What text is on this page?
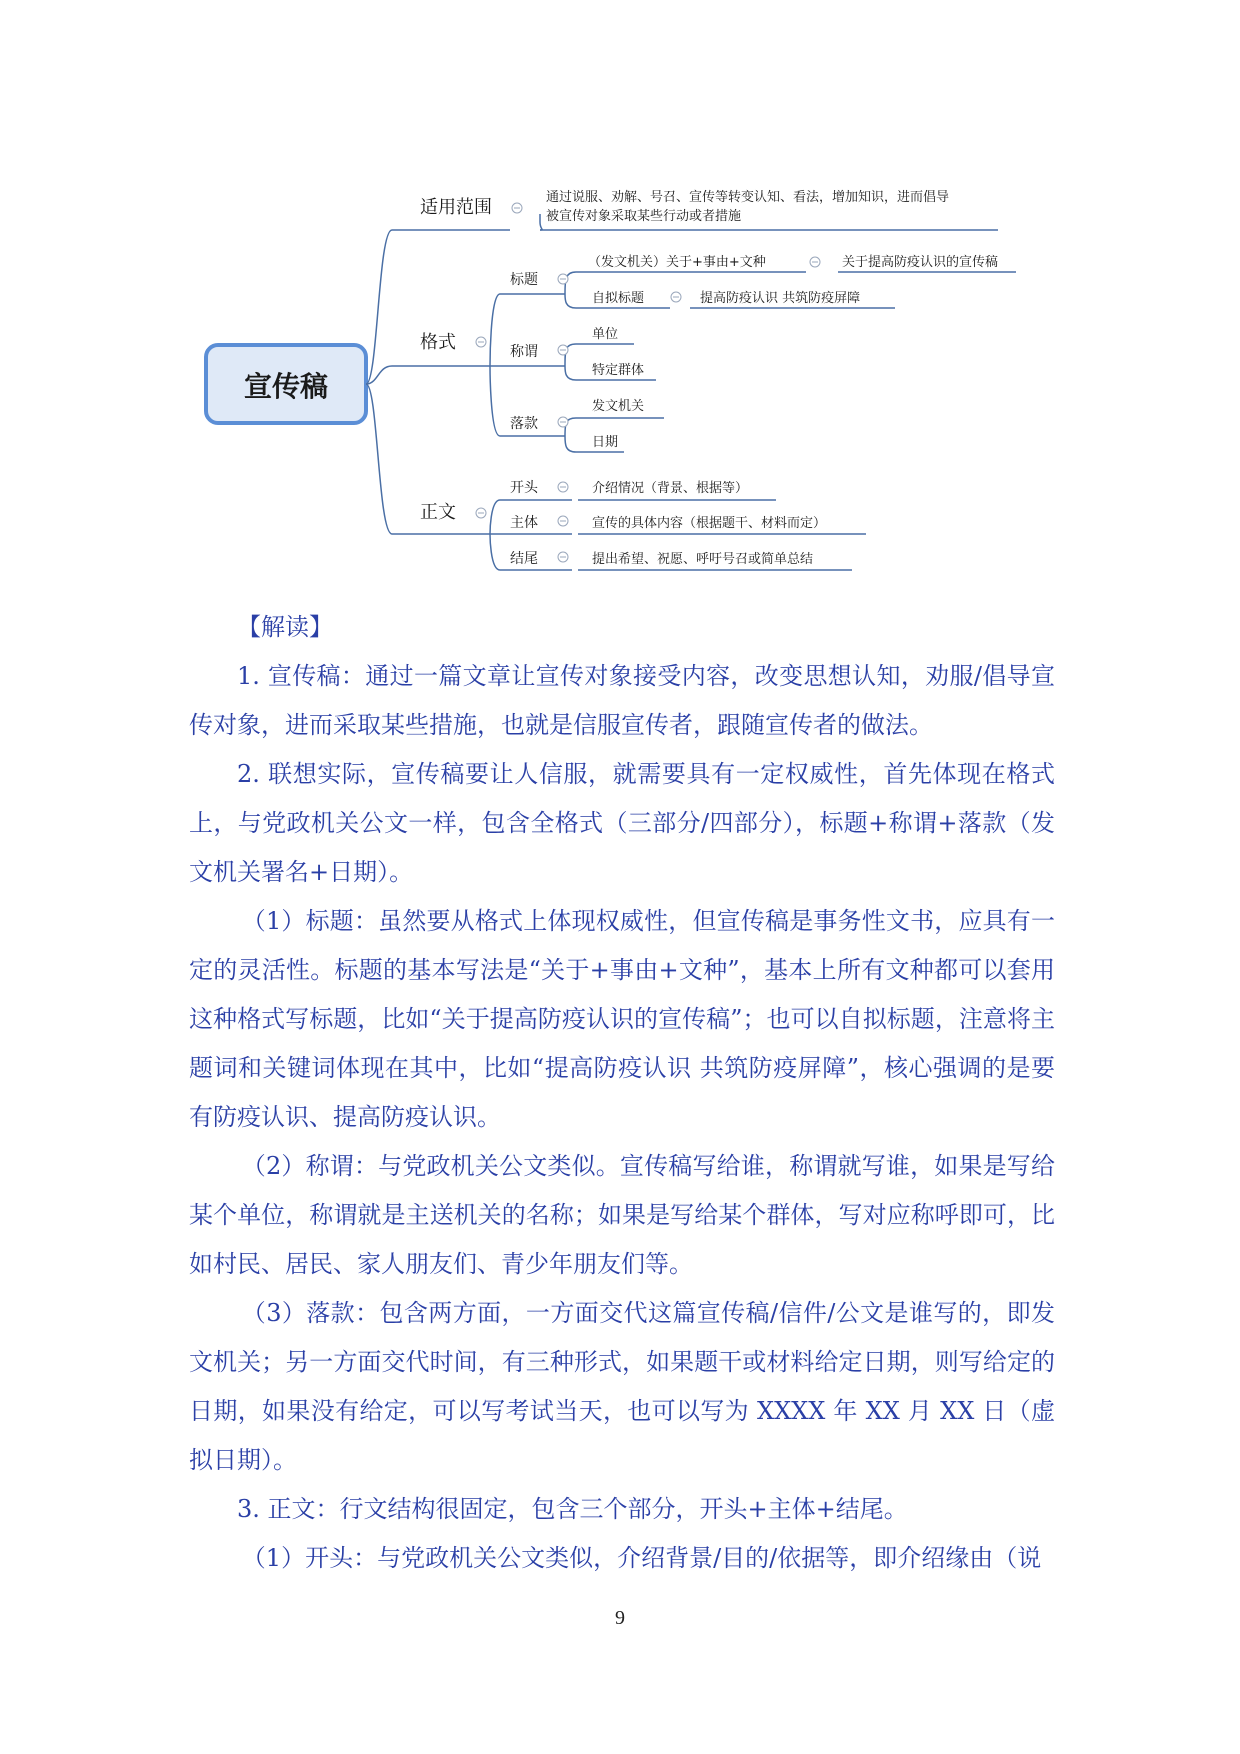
宣传稿
适用范围
格式
正文
通过说服、劝解、号召、宣传等转变认知、看法，增加知识，进而倡导
被宣传对象采取某些行动或者措施
标题
（发文机关）关于+事由+文种	关于提高防疫认识的宣传稿
自拟标题	提高防疫认识 共筑防疫屏障
称谓
单位
特定群体
落款
发文机关
日期
开头	介绍情况（背景、根据等）
主体	宣传的具体内容（根据题干、材料而定）
结尾	提出希望、祝愿、呼吁号召或简单总结

【解读】

1. 宣传稿：通过一篇文章让宣传对象接受内容，改变思想认知，劝服/倡导宣传对象，进而采取某些措施，也就是信服宣传者，跟随宣传者的做法。

2. 联想实际，宣传稿要让人信服，就需要具有一定权威性，首先体现在格式上，与党政机关公文一样，包含全格式（三部分/四部分），标题+称谓+落款（发文机关署名+日期）。

（1）标题：虽然要从格式上体现权威性，但宣传稿是事务性文书，应具有一定的灵活性。标题的基本写法是“关于+事由+文种”，基本上所有文种都可以套用这种格式写标题，比如“关于提高防疫认识的宣传稿”；也可以自拟标题，注意将主题词和关键词体现在其中，比如“提高防疫认识 共筑防疫屏障”，核心强调的是要有防疫认识、提高防疫认识。

（2）称谓：与党政机关公文类似。宣传稿写给谁，称谓就写谁，如果是写给某个单位，称谓就是主送机关的名称；如果是写给某个群体，写对应称呼即可，比如村民、居民、家人朋友们、青少年朋友们等。

（3）落款：包含两方面，一方面交代这篇宣传稿/信件/公文是谁写的，即发文机关；另一方面交代时间，有三种形式，如果题干或材料给定日期，则写给定的日期，如果没有给定，可以写考试当天，也可以写为 XXXX 年 XX 月 XX 日（虚拟日期）。

3. 正文：行文结构很固定，包含三个部分，开头+主体+结尾。

（1）开头：与党政机关公文类似，介绍背景/目的/依据等，即介绍缘由（说

9
